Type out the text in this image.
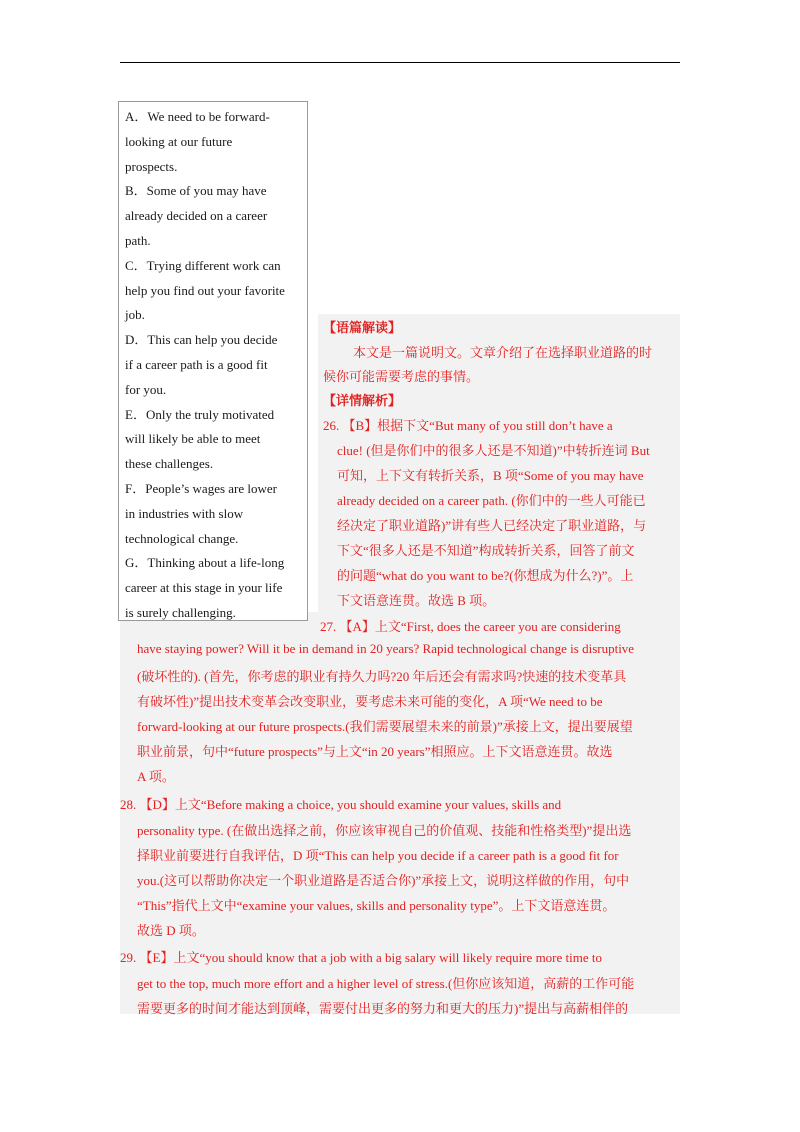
A．We need to be forward-

looking at our future

prospects.

B．Some of you may have

already decided on a career

path.

C．Trying different work can

help you find out your favorite

job.

D．This can help you decide

if a career path is a good fit

for you.

E．Only the truly motivated

will likely be able to meet

these challenges.

F．People’s wages are lower

in industries with slow

technological change.

G．Thinking about a life-long

career at this stage in your life

is surely challenging.

【语篇解读】
本文是一篇说明文。文章介绍了在选择职业道路的时
候你可能需要考虑的事情。
【详情解析】
26. 【B】根据下文“But many of you still don’t have a
clue! (但是你们中的很多人还是不知道)”中转折连词 But
可知，上下文有转折关系，B 项“Some of you may have
already decided on a career path. (你们中的一些人可能已
经决定了职业道路)”讲有些人已经决定了职业道路，与
下文“很多人还是不知道”构成转折关系，回答了前文
的问题“what do you want to be?(你想成为什么?)”。上
下文语意连贯。故选 B 项。
27. 【A】上文“First, does the career you are considering
have staying power? Will it be in demand in 20 years? Rapid technological change is disruptive
(破坏性的). (首先，你考虑的职业有持久力吗?20 年后还会有需求吗?快速的技术变革具
有破坏性)”提出技术变革会改变职业，要考虑未来可能的变化，A 项“We need to be
forward-looking at our future prospects.(我们需要展望未来的前景)”承接上文，提出要展望
职业前景，句中“future prospects”与上文“in 20 years”相照应。上下文语意连贯。故选
A 项。
28. 【D】上文“Before making a choice, you should examine your values, skills and
personality type. (在做出选择之前，你应该审视自己的价值观、技能和性格类型)”提出选
择职业前要进行自我评估，D 项“This can help you decide if a career path is a good fit for
you.(这可以帮助你决定一个职业道路是否适合你)”承接上文，说明这样做的作用，句中
“This”指代上文中“examine your values, skills and personality type”。上下文语意连贯。
故选 D 项。
29. 【E】上文“you should know that a job with a big salary will likely require more time to
get to the top, much more effort and a higher level of stress.(但你应该知道，高薪的工作可能
需要更多的时间才能达到顶峰，需要付出更多的努力和更大的压力)”提出与高薪相伴的
